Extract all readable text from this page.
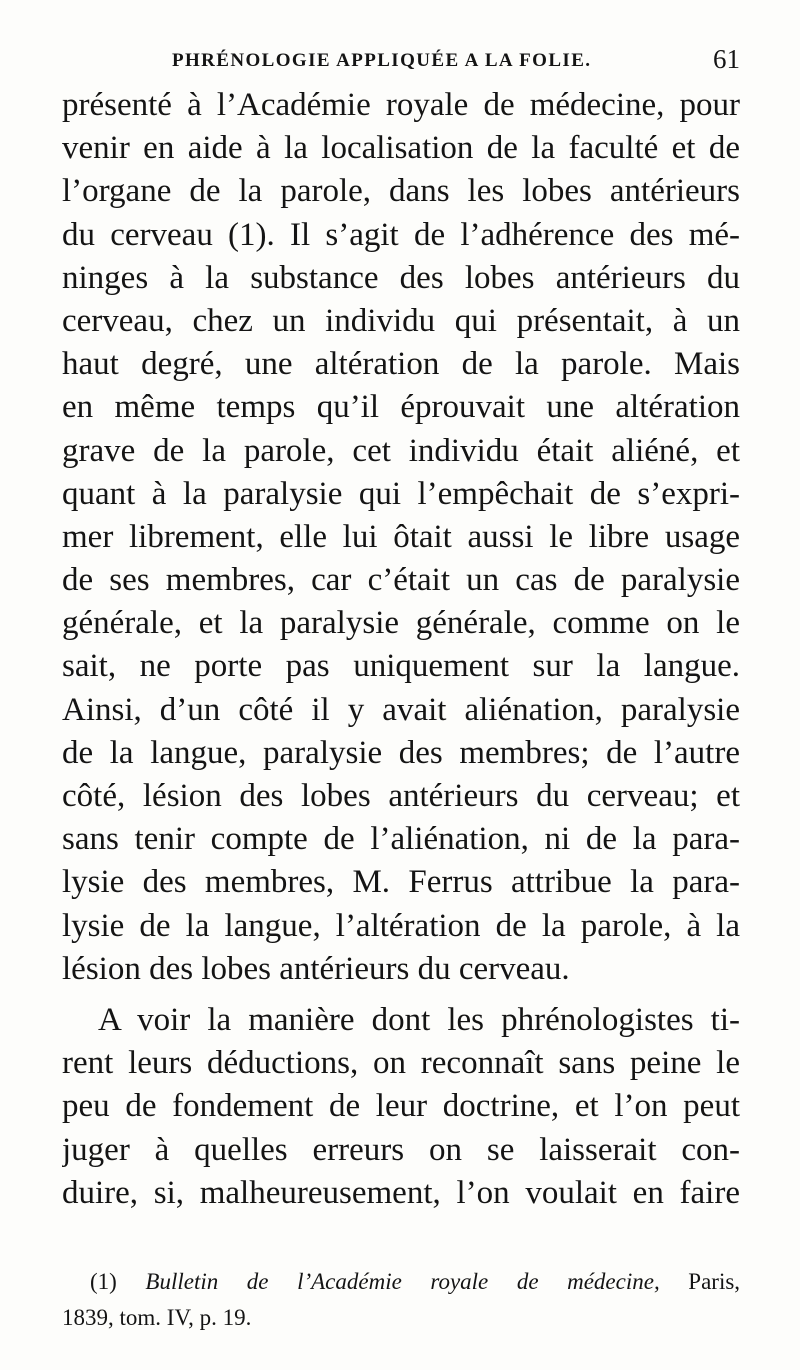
PHRÉNOLOGIE APPLIQUÉE A LA FOLIE.	61
présenté à l’Académie royale de médecine, pour
venir en aide à la localisation de la faculté et de
l’organe de la parole, dans les lobes antérieurs
du cerveau (1). Il s’agit de l’adhérence des mé-
ninges à la substance des lobes antérieurs du
cerveau, chez un individu qui présentait, à un
haut degré, une altération de la parole. Mais
en même temps qu’il éprouvait une altération
grave de la parole, cet individu était aliéné, et
quant à la paralysie qui l’empêchait de s’expri-
mer librement, elle lui ôtait aussi le libre usage
de ses membres, car c’était un cas de paralysie
générale, et la paralysie générale, comme on le
sait, ne porte pas uniquement sur la langue.
Ainsi, d’un côté il y avait aliénation, paralysie
de la langue, paralysie des membres; de l’autre
côté, lésion des lobes antérieurs du cerveau; et
sans tenir compte de l’aliénation, ni de la para-
lysie des membres, M. Ferrus attribue la para-
lysie de la langue, l’altération de la parole, à la
lésion des lobes antérieurs du cerveau.
A voir la manière dont les phrénologistes ti-
rent leurs déductions, on reconnaît sans peine le
peu de fondement de leur doctrine, et l’on peut
juger à quelles erreurs on se laisserait con-
duire, si, malheureusement, l’on voulait en faire
(1) Bulletin de l’Académie royale de médecine, Paris,
1839, tom. IV, p. 19.
